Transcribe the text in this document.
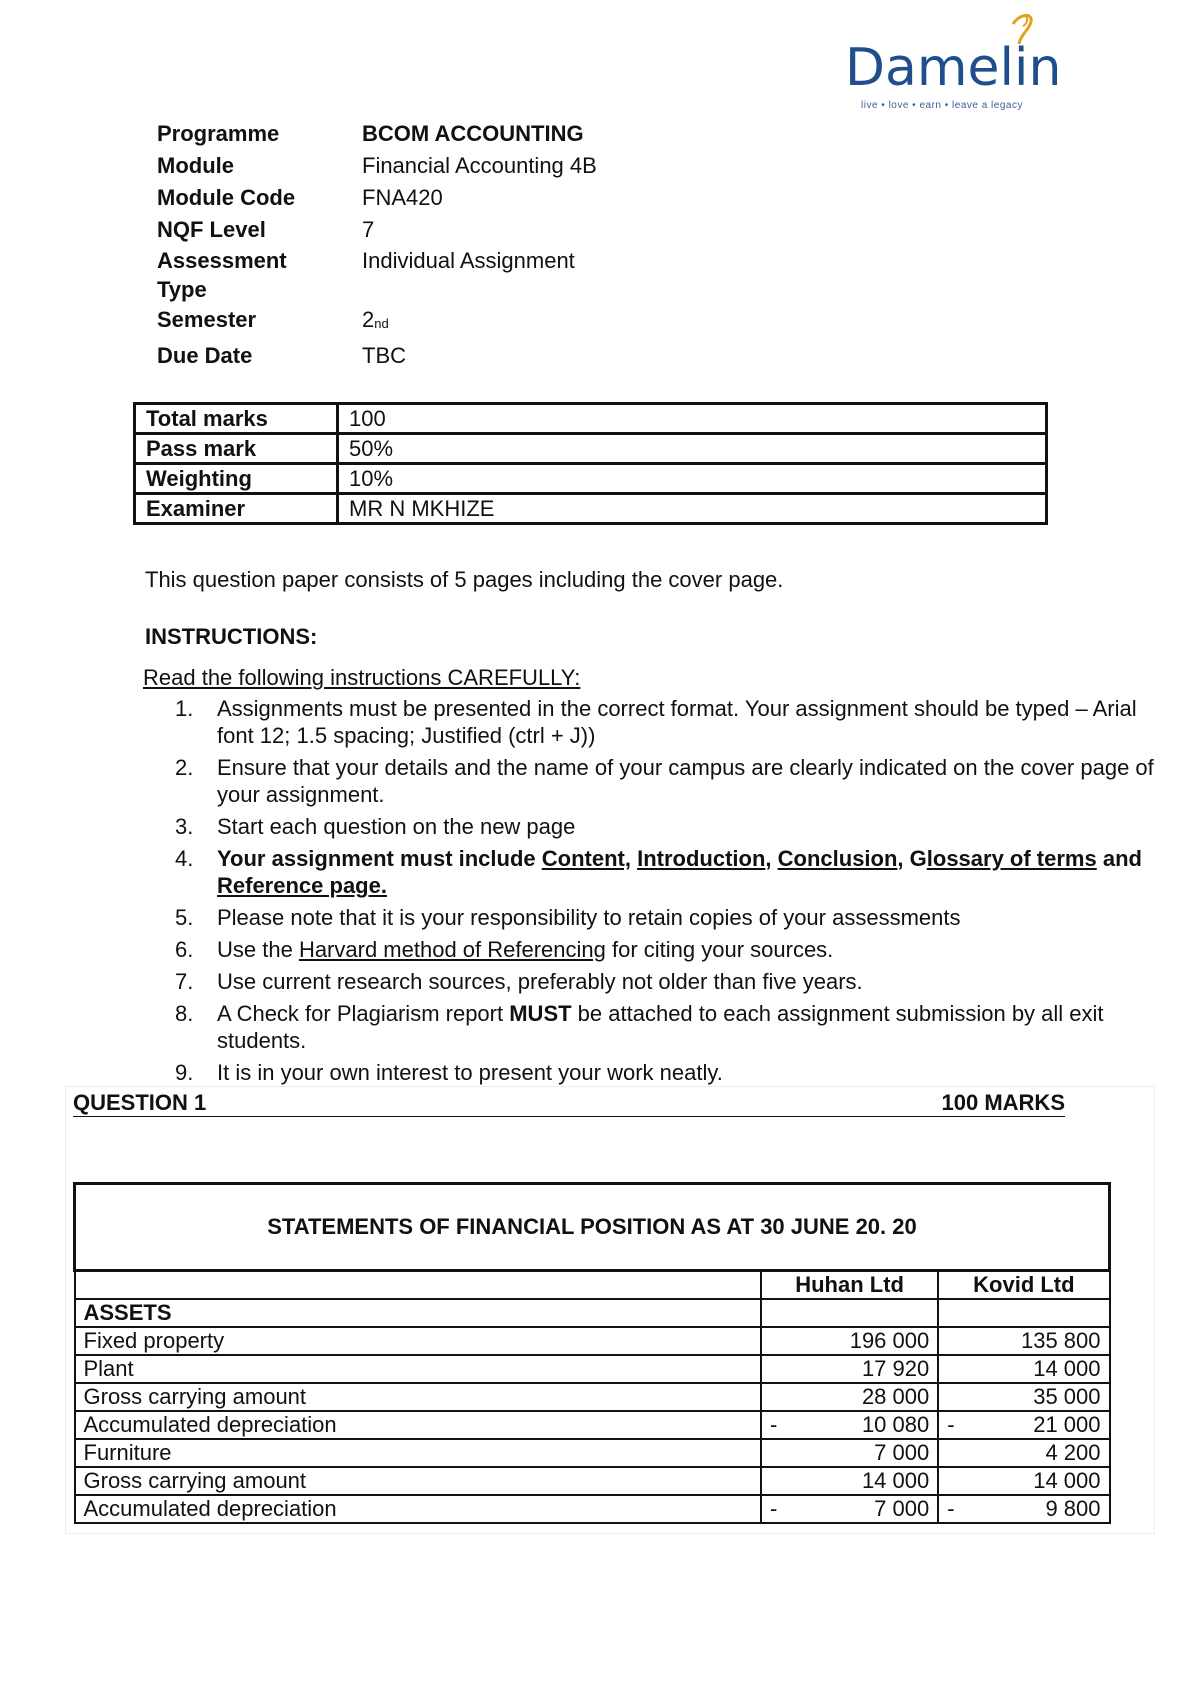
Damelin
live • love • earn • leave a legacy
Programme	BCOM ACCOUNTING
Module	Financial Accounting 4B
Module Code	FNA420
NQF Level	7
Assessment
Type
Individual Assignment
Semester	$2_{nd}$
Due Date	TBC
Total marks	100
Pass mark	50%
Weighting	10%
Examiner	MR N MKHIZE
This question paper consists of 5 pages including the cover page.
INSTRUCTIONS:
Read the following instructions CAREFULLY:
1.	Assignments must be presented in the correct format. Your assignment should be typed – Arial font 12; 1.5 spacing; Justified (ctrl + J))
2.	Ensure that your details and the name of your campus are clearly indicated on the cover page of your assignment.
3.	Start each question on the new page
4.	Your assignment must include Content, Introduction, Conclusion, Glossary of terms and Reference page.
5.	Please note that it is your responsibility to retain copies of your assessments
6.	Use the Harvard method of Referencing for citing your sources.
7.	Use current research sources, preferably not older than five years.
8.	A Check for Plagiarism report MUST be attached to each assignment submission by all exit students.
9.	It is in your own interest to present your work neatly.
QUESTION 1	100 MARKS
STATEMENTS OF FINANCIAL POSITION AS AT 30 JUNE 20. 20		
	Huhan Ltd	Kovid Ltd
ASSETS		
Fixed property	196 000	135 800

Plant	17 920	14 000

Gross carrying amount	28 000	35 000

Accumulated depreciation	- 10 080	- 21 000

Furniture	7 000	4 200

Gross carrying amount	14 000	14 000

Accumulated depreciation	- 7 000	- 9 800
